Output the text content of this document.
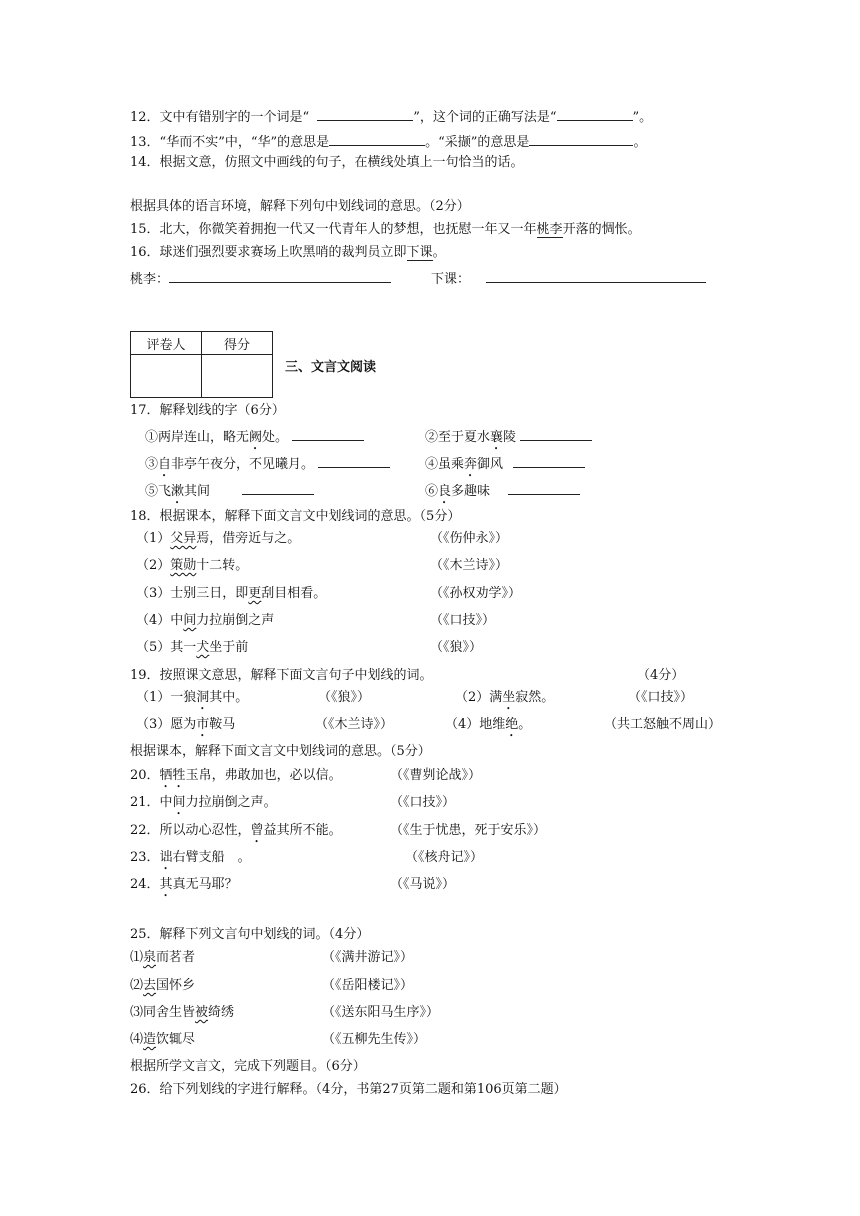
12．文中有错别字的一个词是“	”，这个词的正确写法是“	”。
13．“华而不实”中，“华”的意思是	。“采撷”的意思是	。
14．根据文意，仿照文中画线的句子，在横线处填上一句恰当的话。
根据具体的语言环境，解释下列句中划线词的意思。（2分）
15．北大，你微笑着拥抱一代又一代青年人的梦想，也抚慰一年又一年桃李开落的惆怅。
16．球迷们强烈要求赛场上吹黑哨的裁判员立即下课。
桃李：	下课：
评卷人	得分

三、文言文阅读
17．解释划线的字（6分）
①两岸连山，略无阙处。	②至于夏水襄陵
③自非亭午夜分，不见曦月。	④虽乘奔御风
⑤飞漱其间	⑥良多趣味
18．根据课本，解释下面文言文中划线词的意思。（5分）
（1）父异焉，借旁近与之。	（《伤仲永》）
（2）策勋十二转。	（《木兰诗》）
（3）士别三日，即更刮目相看。	（《孙权劝学》）
（4）中间力拉崩倒之声	（《口技》）
（5）其一犬坐于前	（《狼》）
19．按照课文意思，解释下面文言句子中划线的词。	（4分）
（1）一狼洞其中。	（《狼》）	（2）满坐寂然。	（《口技》）
（3）愿为市鞍马	（《木兰诗》）	（4）地维绝。	（共工怒触不周山）
根据课本，解释下面文言文中划线词的意思。（5分）
20．牺牲玉帛，弗敢加也，必以信。	（《曹刿论战》）
21．中间力拉崩倒之声。	（《口技》）
22．所以动心忍性，曾益其所不能。	（《生于忧患，死于安乐》）
23．诎右臂支船　。	（《核舟记》）
24．其真无马耶？	（《马说》）
25．解释下列文言句中划线的词。（4分）
⑴泉而茗者	（《满井游记》）
⑵去国怀乡	（《岳阳楼记》）
⑶同舍生皆被绮绣	（《送东阳马生序》）
⑷造饮辄尽	（《五柳先生传》）
根据所学文言文，完成下列题目。（6分）
26．给下列划线的字进行解释。（4分，书第27页第二题和第106页第二题）
